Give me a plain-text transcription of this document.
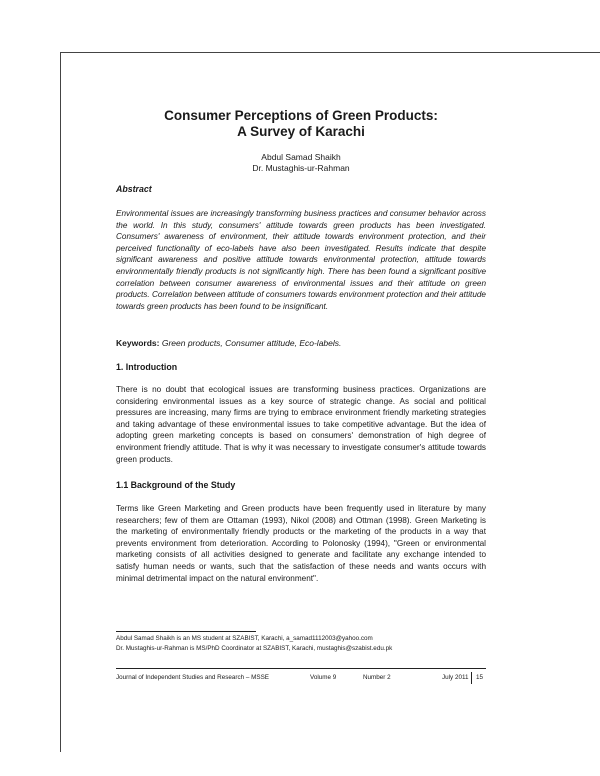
Consumer Perceptions of Green Products:
A Survey of Karachi
Abdul Samad Shaikh
Dr. Mustaghis-ur-Rahman
Abstract
Environmental issues are increasingly transforming business practices and consumer behavior across the world. In this study, consumers' attitude towards green products has been investigated. Consumers' awareness of environment, their attitude towards environment protection, and their perceived functionality of eco-labels have also been investigated. Results indicate that despite significant awareness and positive attitude towards environmental protection, attitude towards environmentally friendly products is not significantly high. There has been found a significant positive correlation between consumer awareness of environmental issues and their attitude on green products. Correlation between attitude of consumers towards environment protection and their attitude towards green products has been found to be insignificant.
Keywords: Green products, Consumer attitude, Eco-labels.
1. Introduction
There is no doubt that ecological issues are transforming business practices. Organizations are considering environmental issues as a key source of strategic change. As social and political pressures are increasing, many firms are trying to embrace environment friendly marketing strategies and taking advantage of these environmental issues to take competitive advantage. But the idea of adopting green marketing concepts is based on consumers' demonstration of high degree of environment friendly attitude. That is why it was necessary to investigate consumer's attitude towards green products.
1.1 Background of the Study
Terms like Green Marketing and Green products have been frequently used in literature by many researchers; few of them are Ottaman (1993), Nikol (2008) and Ottman (1998). Green Marketing is the marketing of environmentally friendly products or the marketing of the products in a way that prevents environment from deterioration. According to Polonosky (1994), "Green or environmental marketing consists of all activities designed to generate and facilitate any exchange intended to satisfy human needs or wants, such that the satisfaction of these needs and wants occurs with minimal detrimental impact on the natural environment".
Abdul Samad Shaikh is an MS student at SZABIST, Karachi, a_samad1112003@yahoo.com
Dr. Mustaghis-ur-Rahman is MS/PhD Coordinator at SZABIST, Karachi, mustaghis@szabist.edu.pk
Journal of Independent Studies and Research – MSSE	Volume 9	Number 2	July 2011 15
